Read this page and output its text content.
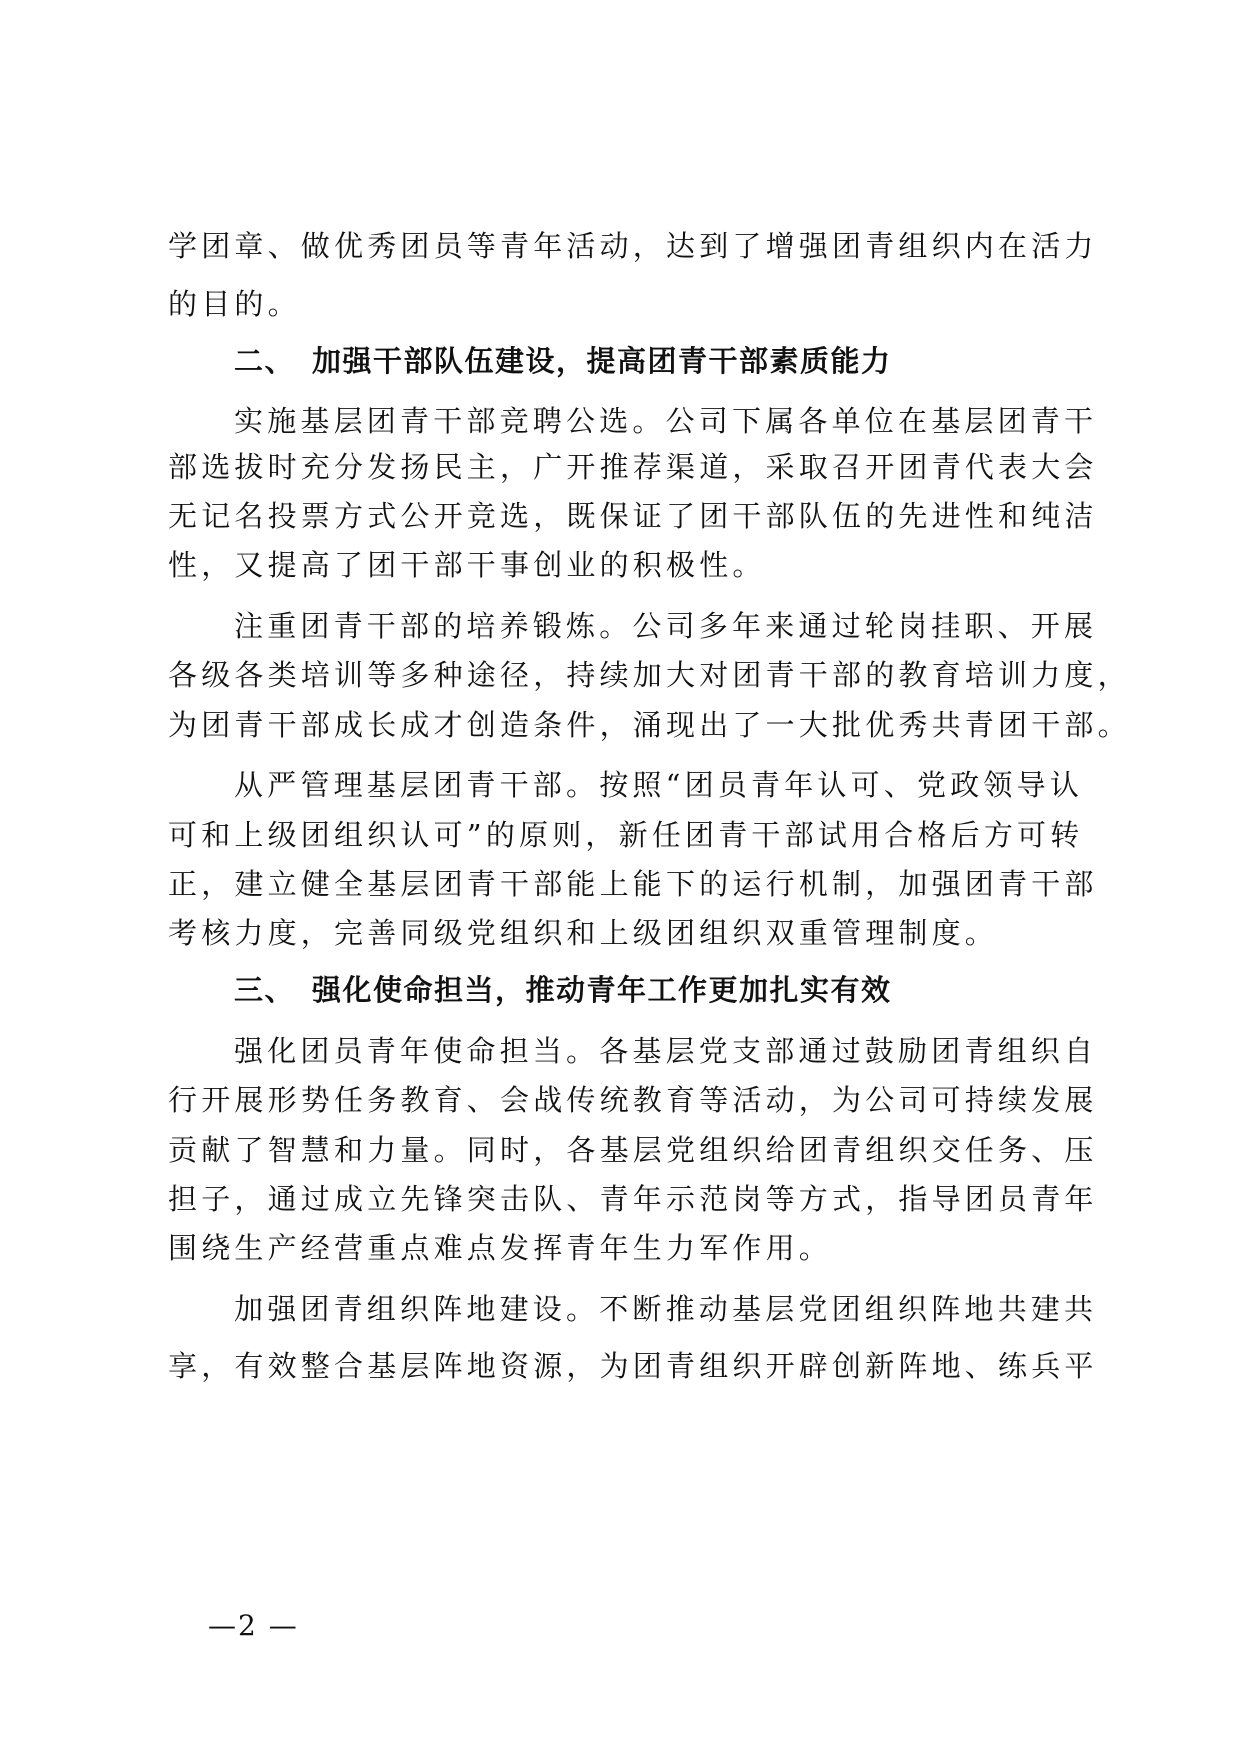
学团章、做优秀团员等青年活动，达到了增强团青组织内在活力
的目的。
二、 加强干部队伍建设，提高团青干部素质能力
实施基层团青干部竞聘公选。公司下属各单位在基层团青干
部选拔时充分发扬民主，广开推荐渠道，采取召开团青代表大会
无记名投票方式公开竞选，既保证了团干部队伍的先进性和纯洁
性，又提高了团干部干事创业的积极性。
注重团青干部的培养锻炼。公司多年来通过轮岗挂职、开展
各级各类培训等多种途径，持续加大对团青干部的教育培训力度，
为团青干部成长成才创造条件，涌现出了一大批优秀共青团干部。
从严管理基层团青干部。按照“团员青年认可、党政领导认
可和上级团组织认可”的原则，新任团青干部试用合格后方可转
正，建立健全基层团青干部能上能下的运行机制，加强团青干部
考核力度，完善同级党组织和上级团组织双重管理制度。
三、 强化使命担当，推动青年工作更加扎实有效
强化团员青年使命担当。各基层党支部通过鼓励团青组织自
行开展形势任务教育、会战传统教育等活动，为公司可持续发展
贡献了智慧和力量。同时，各基层党组织给团青组织交任务、压
担子，通过成立先锋突击队、青年示范岗等方式，指导团员青年
围绕生产经营重点难点发挥青年生力军作用。
加强团青组织阵地建设。不断推动基层党团组织阵地共建共
享，有效整合基层阵地资源，为团青组织开辟创新阵地、练兵平
—2 —
